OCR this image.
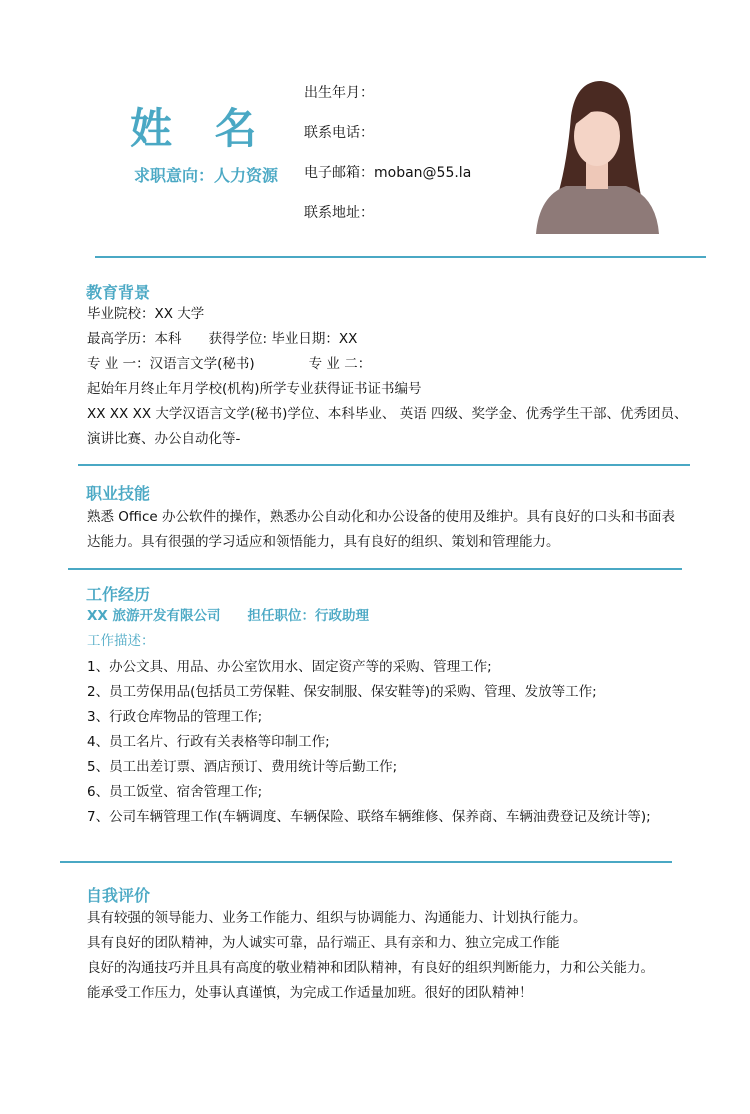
姓 名
求职意向：人力资源
出生年月：
联系电话：
电子邮箱：moban@55.la
联系地址：
教育背景
毕业院校：XX 大学
最高学历：本科　　获得学位: 毕业日期：XX
专 业 一：汉语言文学(秘书)　　　　专 业 二：
起始年月终止年月学校(机构)所学专业获得证书证书编号
XX XX XX 大学汉语言文学(秘书)学位、本科毕业、 英语 四级、奖学金、优秀学生干部、优秀团员、
演讲比赛、办公自动化等-
职业技能
熟悉 Office 办公软件的操作，熟悉办公自动化和办公设备的使用及维护。具有良好的口头和书面表
达能力。具有很强的学习适应和领悟能力，具有良好的组织、策划和管理能力。
工作经历
XX 旅游开发有限公司　　担任职位：行政助理
工作描述：
1、办公文具、用品、办公室饮用水、固定资产等的采购、管理工作;
2、员工劳保用品(包括员工劳保鞋、保安制服、保安鞋等)的采购、管理、发放等工作;
3、行政仓库物品的管理工作;
4、员工名片、行政有关表格等印制工作;
5、员工出差订票、酒店预订、费用统计等后勤工作;
6、员工饭堂、宿舍管理工作;
7、公司车辆管理工作(车辆调度、车辆保险、联络车辆维修、保养商、车辆油费登记及统计等);
自我评价
具有较强的领导能力、业务工作能力、组织与协调能力、沟通能力、计划执行能力。
具有良好的团队精神，为人诚实可靠，品行端正、具有亲和力、独立完成工作能
良好的沟通技巧并且具有高度的敬业精神和团队精神，有良好的组织判断能力，力和公关能力。
能承受工作压力，处事认真谨慎，为完成工作适量加班。很好的团队精神！
